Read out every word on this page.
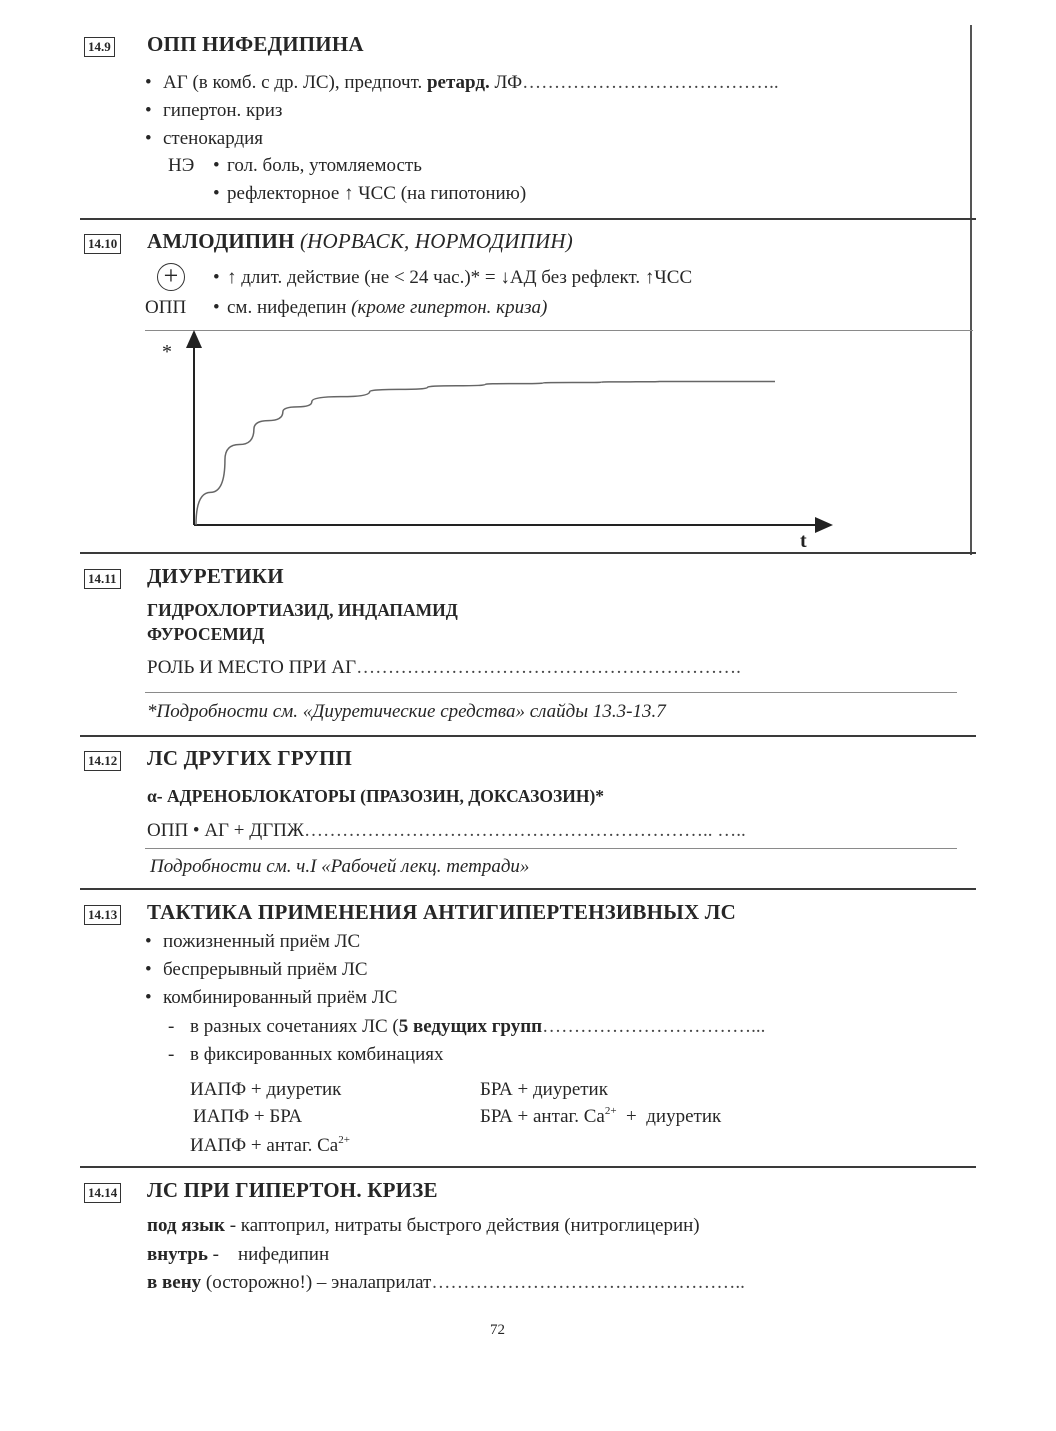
14.9 ОПП НИФЕДИПИНА
• АГ (в комб. с др. ЛС), предпочт. ретард. ЛФ…………………………………..
• гипертон. криз
• стенокардия
НЭ • гол. боль, утомляемость
• рефлекторное ↑ ЧСС (на гипотонию)
14.10 АМЛОДИПИН (НОРВАСК, НОРМОДИПИН)
+	• ↑ длит. действие (не < 24 час.)* = ↓АД без рефлект. ↑ЧСС
ОПП • см. нифедепин (кроме гипертон. криза)
*
t
14.11 ДИУРЕТИКИ
ГИДРОХЛОРТИАЗИД, ИНДАПАМИД
ФУРОСЕМИД
РОЛЬ И МЕСТО ПРИ АГ…………………………………………………….
*Подробности см. «Диуретические средства» слайды 13.3-13.7
14.12 ЛС ДРУГИХ ГРУПП
α- АДРЕНОБЛОКАТОРЫ (ПРАЗОЗИН, ДОКСАЗОЗИН)*
ОПП • АГ + ДГПЖ……………………………………………………….. …..
Подробности см. ч.I «Рабочей лекц. тетради»
14.13 ТАКТИКА ПРИМЕНЕНИЯ АНТИГИПЕРТЕНЗИВНЫХ ЛС
• пожизненный приём ЛС
• беспрерывный приём ЛС
• комбинированный приём ЛС
- в разных сочетаниях ЛС (5 ведущих групп……………………………...
- в фиксированных комбинациях
ИАПФ + диуретик
ИАПФ + БРА
ИАПФ + антаг. $Ca^{2+}$
БРА + диуретик
БРА + антаг. $Ca^{2+}$  +  диуретик
14.14 ЛС ПРИ ГИПЕРТОН. КРИЗЕ
под язык - каптоприл, нитраты быстрого действия (нитроглицерин)
внутрь -    нифедипин
в вену (осторожно!) – эналаприлат…………………………………………..
72
